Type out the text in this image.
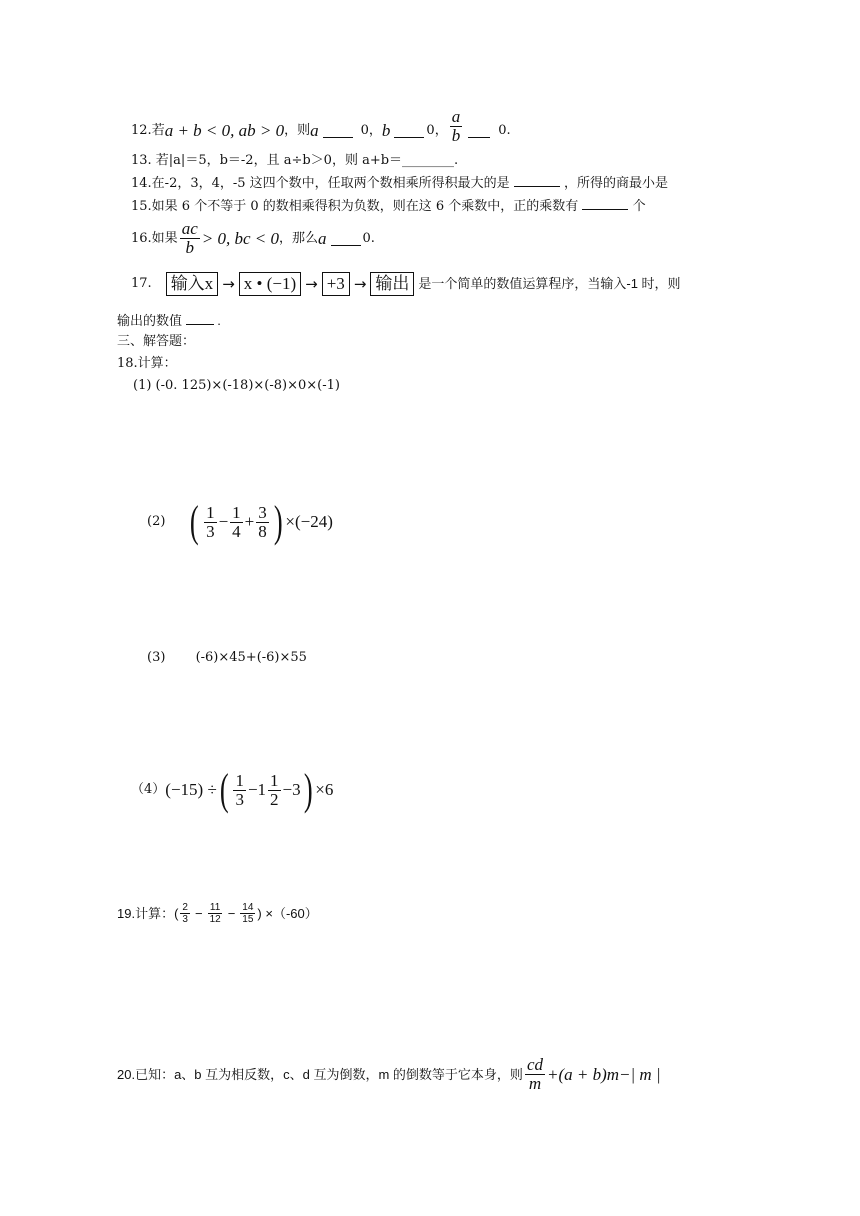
12. 若 a + b < 0, ab > 0 ，则 a	0， b	0， $\frac{a}{b}$	0.
13. 若|a|＝5，b＝-2，且 a÷b＞0，则 a+b＝________.
14.在-2，3，4，-5 这四个数中，任取两个数相乘所得积最大的是	，所得的商最小是
15.如果 6 个不等于 0 的数相乘得积为负数，则在这 6 个乘数中，正的乘数有	个
16.如果 $\frac{ac}{b} > 0$, bc < 0 ，那么 a	0.
17. 输入x → x • (−1) → +3 → 输出 是一个简单的数值运算程序，当输入-1 时，则
输出的数值	.
三、解答题：
18.计算：
(1) (-0. 125)×(-18)×(-8)×0×(-1)
(2) ( $\frac{1}{3} - \frac{1}{4} + \frac{3}{8}$ ) ×(−24)
(3) (-6)×45+(-6)×55
（4） (−15) ÷ ( $\frac{1}{3} -1 \frac{1}{2} -3$ ) ×6
19.计算：( $\frac{2}{3} - \frac{11}{12} - \frac{14}{15}$ ) ×（-60）
20.已知：a、b 互为相反数，c、d 互为倒数，m 的倒数等于它本身，则 $\frac{cd}{m} +(a + b)m-|$ m |
